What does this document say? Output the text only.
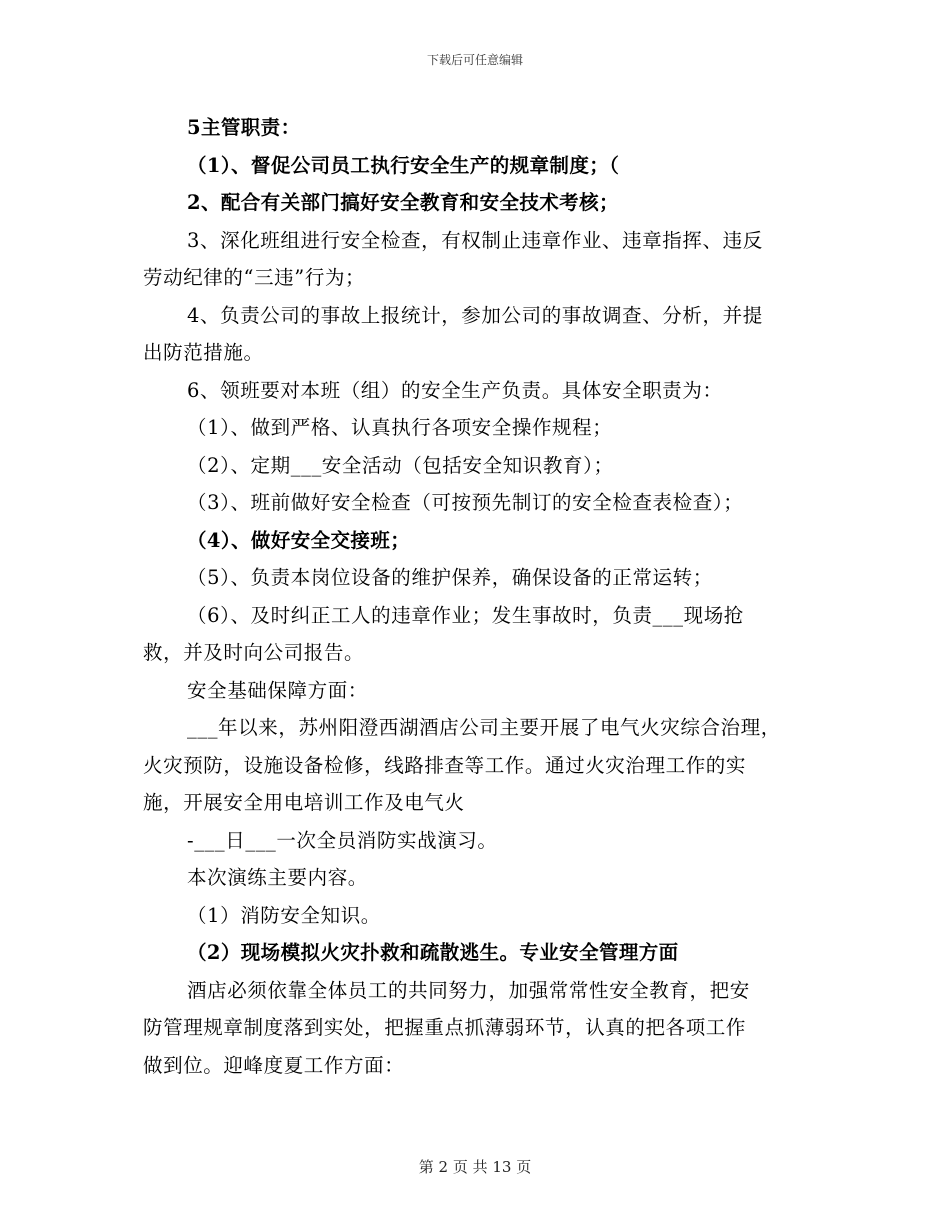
下载后可任意编辑
5主管职责：
（1）、督促公司员工执行安全生产的规章制度；（
2、配合有关部门搞好安全教育和安全技术考核；
3、深化班组进行安全检查，有权制止违章作业、违章指挥、违反
劳动纪律的“三违”行为；
4、负责公司的事故上报统计，参加公司的事故调查、分析，并提
出防范措施。
6、领班要对本班（组）的安全生产负责。具体安全职责为：
（1）、做到严格、认真执行各项安全操作规程；
（2）、定期___安全活动（包括安全知识教育）；
（3）、班前做好安全检查（可按预先制订的安全检查表检查）；
（4）、做好安全交接班；
（5）、负责本岗位设备的维护保养，确保设备的正常运转；
（6）、及时纠正工人的违章作业；发生事故时，负责___现场抢
救，并及时向公司报告。
安全基础保障方面：
___年以来，苏州阳澄西湖酒店公司主要开展了电气火灾综合治理，
火灾预防，设施设备检修，线路排查等工作。通过火灾治理工作的实
施，开展安全用电培训工作及电气火
-___日___一次全员消防实战演习。
本次演练主要内容。
（1）消防安全知识。
（2）现场模拟火灾扑救和疏散逃生。专业安全管理方面
酒店必须依靠全体员工的共同努力，加强常常性安全教育，把安
防管理规章制度落到实处，把握重点抓薄弱环节，认真的把各项工作
做到位。迎峰度夏工作方面：
第 2 页 共 13 页
